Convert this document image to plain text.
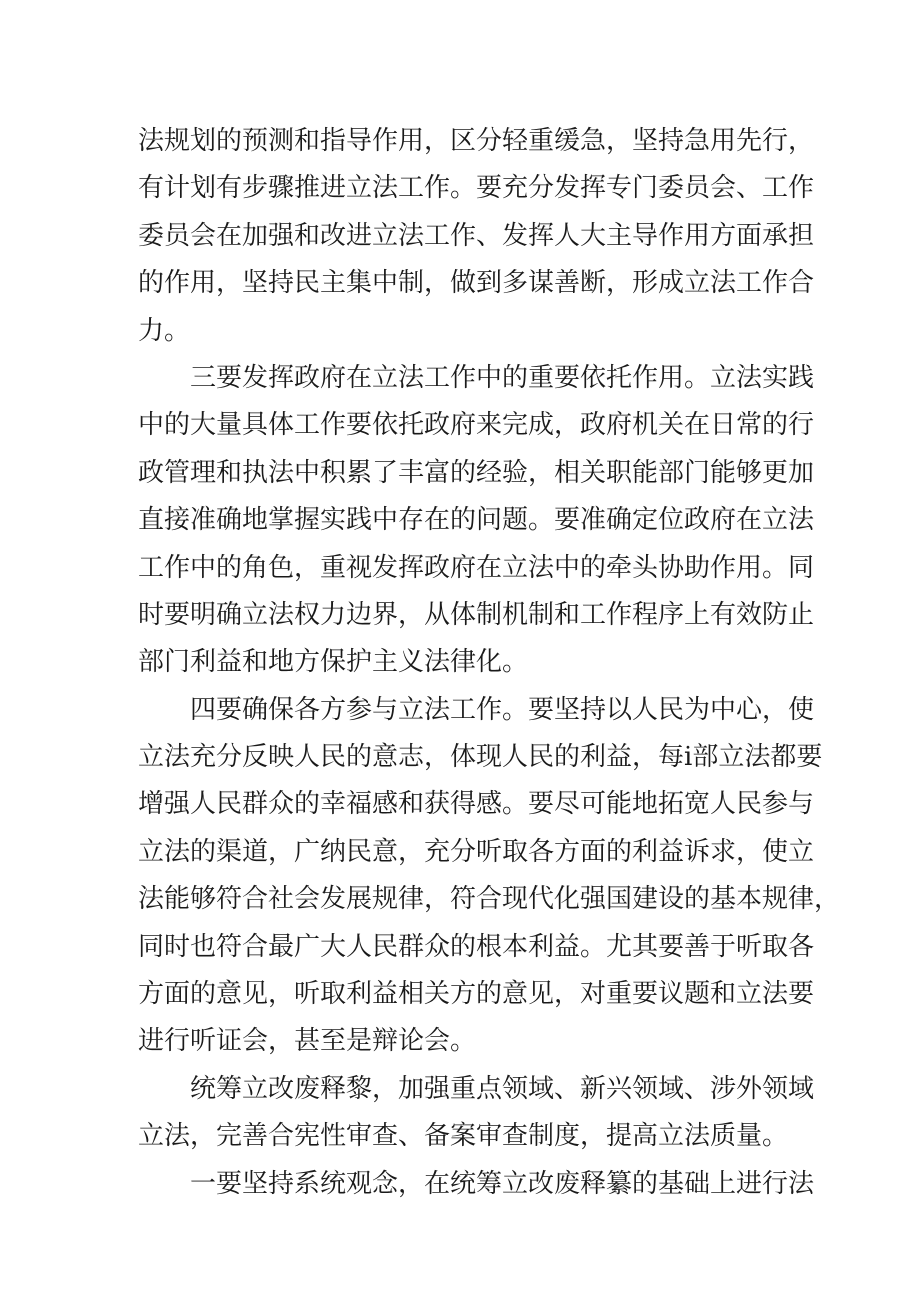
法规划的预测和指导作用，区分轻重缓急，坚持急用先行，
有计划有步骤推进立法工作。要充分发挥专门委员会、工作
委员会在加强和改进立法工作、发挥人大主导作用方面承担
的作用，坚持民主集中制，做到多谋善断，形成立法工作合
力。
三要发挥政府在立法工作中的重要依托作用。立法实践
中的大量具体工作要依托政府来完成，政府机关在日常的行
政管理和执法中积累了丰富的经验，相关职能部门能够更加
直接准确地掌握实践中存在的问题。要准确定位政府在立法
工作中的角色，重视发挥政府在立法中的牵头协助作用。同
时要明确立法权力边界，从体制机制和工作程序上有效防止
部门利益和地方保护主义法律化。
四要确保各方参与立法工作。要坚持以人民为中心，使
立法充分反映人民的意志，体现人民的利益，每i部立法都要
增强人民群众的幸福感和获得感。要尽可能地拓宽人民参与
立法的渠道，广纳民意，充分听取各方面的利益诉求，使立
法能够符合社会发展规律，符合现代化强国建设的基本规律，
同时也符合最广大人民群众的根本利益。尤其要善于听取各
方面的意见，听取利益相关方的意见，对重要议题和立法要
进行听证会，甚至是辩论会。
统筹立改废释黎，加强重点领域、新兴领域、涉外领域
立法，完善合宪性审查、备案审查制度，提高立法质量。
一要坚持系统观念，在统筹立改废释纂的基础上进行法
